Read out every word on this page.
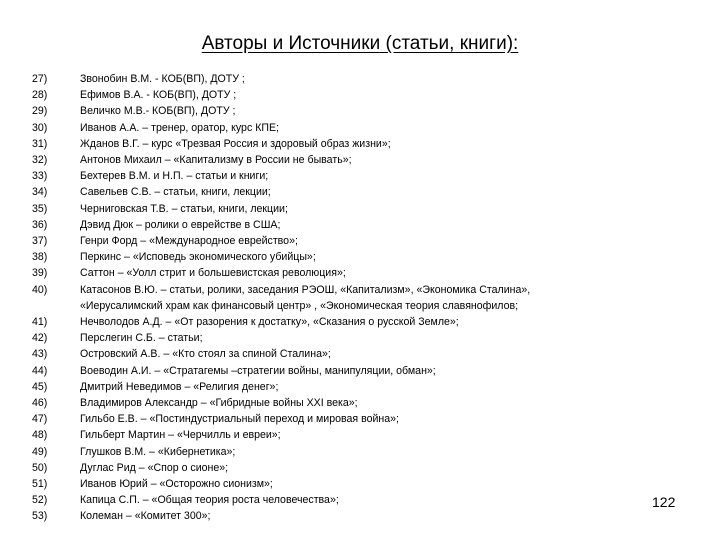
Авторы и Источники (статьи, книги):
27)	Звонобин В.М. - КОБ(ВП), ДОТУ ;
28)	Ефимов В.А. - КОБ(ВП), ДОТУ ;
29)	Величко М.В.- КОБ(ВП), ДОТУ ;
30)	Иванов А.А. – тренер, оратор, курс КПЕ;
31)	Жданов В.Г. – курс «Трезвая Россия и здоровый образ жизни»;
32)	Антонов Михаил – «Капитализму в России не бывать»;
33)	Бехтерев В.М. и Н.П. – статьи и книги;
34)	Савельев С.В. – статьи, книги, лекции;
35)	Черниговская Т.В. – статьи, книги, лекции;
36)	Дэвид Дюк – ролики о еврействе в США;
37)	Генри Форд – «Международное еврейство»;
38)	Перкинс – «Исповедь экономического убийцы»;
39)	Саттон – «Уолл стрит и большевистская революция»;
40)	Катасонов В.Ю. – статьи, ролики, заседания РЭОШ, «Капитализм», «Экономика Сталина»,
«Иерусалимский храм как финансовый центр» , «Экономическая теория славянофилов;
41)	Нечволодов А.Д. – «От разорения к достатку», «Сказания о русской Земле»;
42)	Перслегин С.Б. – статьи;
43)	Островский А.В. – «Кто стоял за спиной Сталина»;
44)	Воеводин А.И. – «Стратагемы –стратегии войны, манипуляции, обман»;
45)	Дмитрий Неведимов – «Религия денег»;
46)	Владимиров Александр – «Гибридные войны XXI века»;
47)	Гильбо Е.В. – «Постиндустриальный переход и мировая война»;
48)	Гильберт Мартин – «Черчилль и евреи»;
49)	Глушков В.М. – «Кибернетика»;
50)	Дуглас Рид – «Спор о сионе»;
51)	Иванов Юрий – «Осторожно сионизм»;
52)	Капица С.П. – «Общая теория роста человечества»;
53)	Колеман – «Комитет 300»;
122
